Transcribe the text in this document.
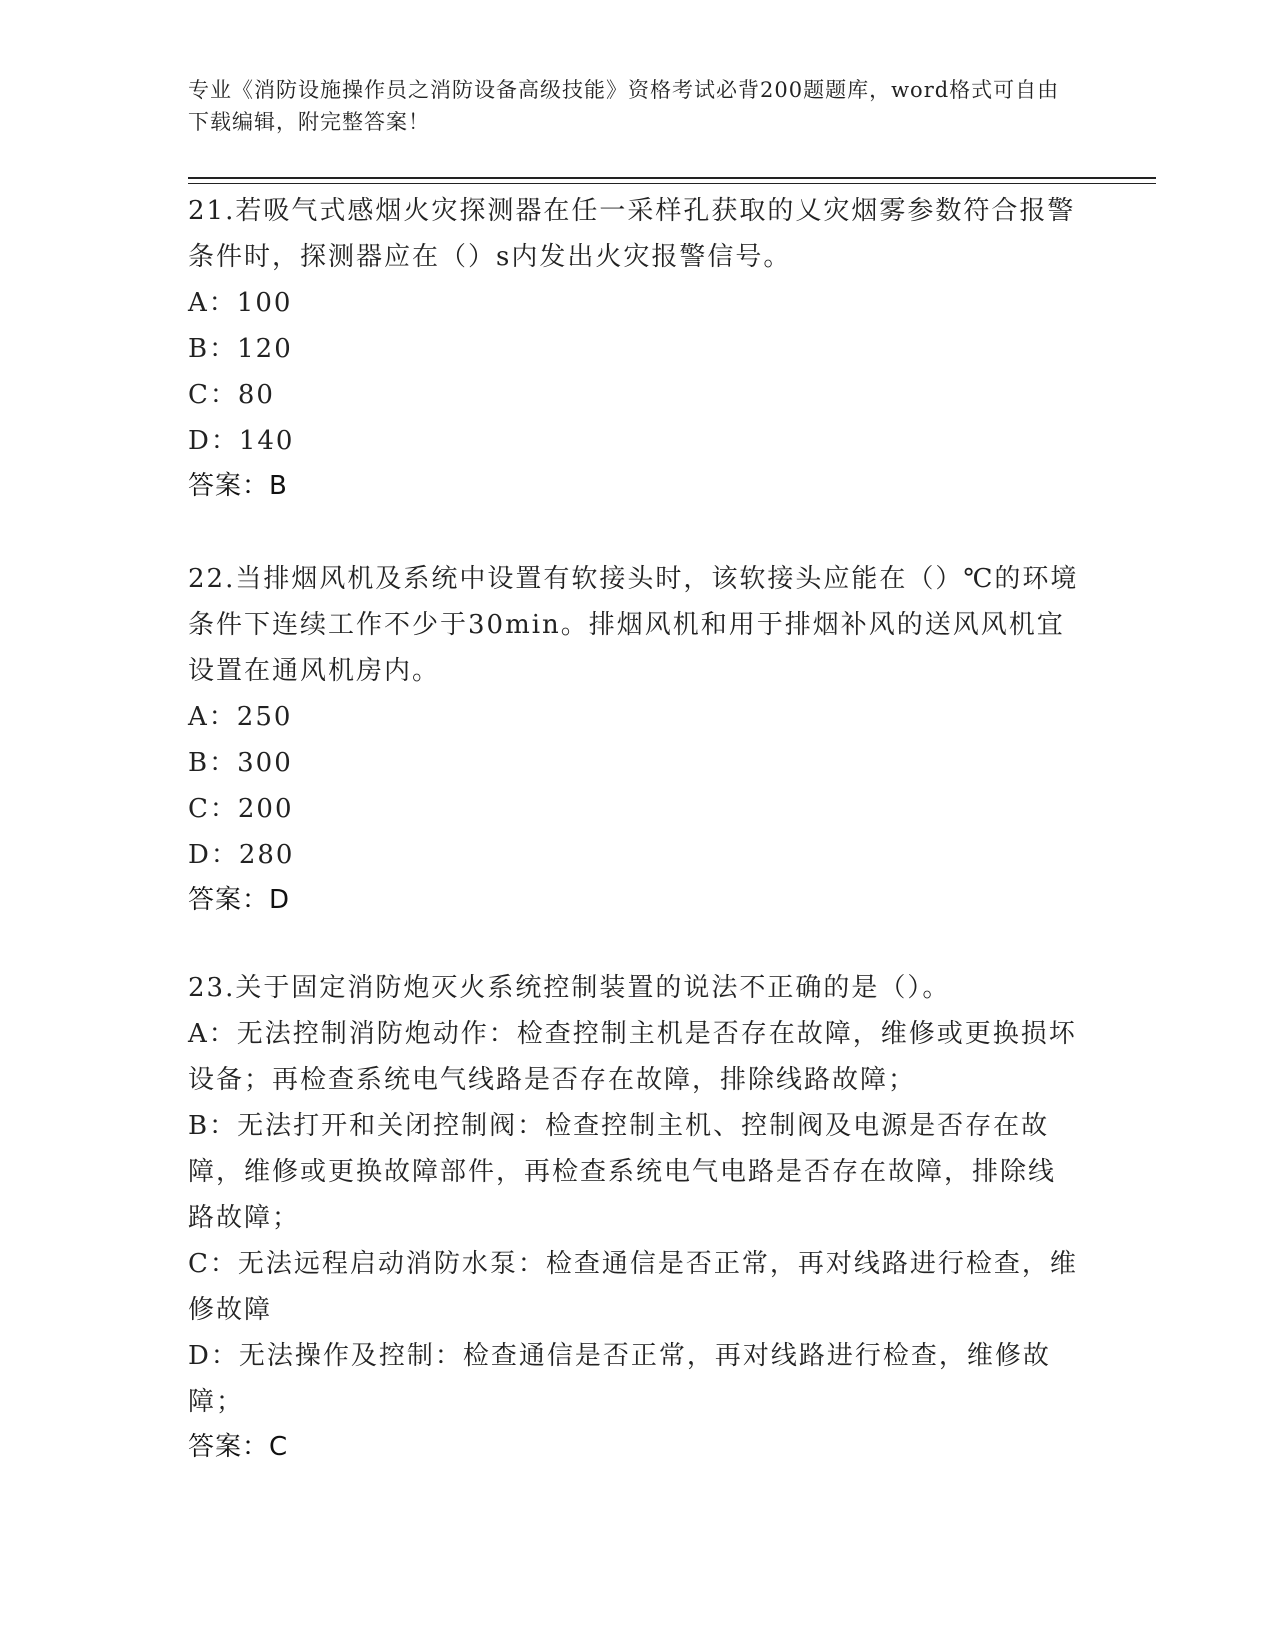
专业《消防设施操作员之消防设备高级技能》资格考试必背200题题库，word格式可自由下载编辑，附完整答案！

21.若吸气式感烟火灾探测器在任一采样孔获取的乂灾烟雾参数符合报警条件时，探测器应在（）s内发出火灾报警信号。

A：100

B：120

C：80

D：140

答案：B

22.当排烟风机及系统中设置有软接头时，该软接头应能在（）℃的环境条件下连续工作不少于30min。排烟风机和用于排烟补风的送风风机宜设置在通风机房内。

A：250

B：300

C：200

D：280

答案：D

23.关于固定消防炮灭火系统控制装置的说法不正确的是（）。

A：无法控制消防炮动作：检查控制主机是否存在故障，维修或更换损坏设备；再检查系统电气线路是否存在故障，排除线路故障；

B：无法打开和关闭控制阀：检查控制主机、控制阀及电源是否存在故障，维修或更换故障部件，再检查系统电气电路是否存在故障，排除线路故障；

C：无法远程启动消防水泵：检查通信是否正常，再对线路进行检查，维修故障

D：无法操作及控制：检查通信是否正常，再对线路进行检查，维修故障；

答案：C
